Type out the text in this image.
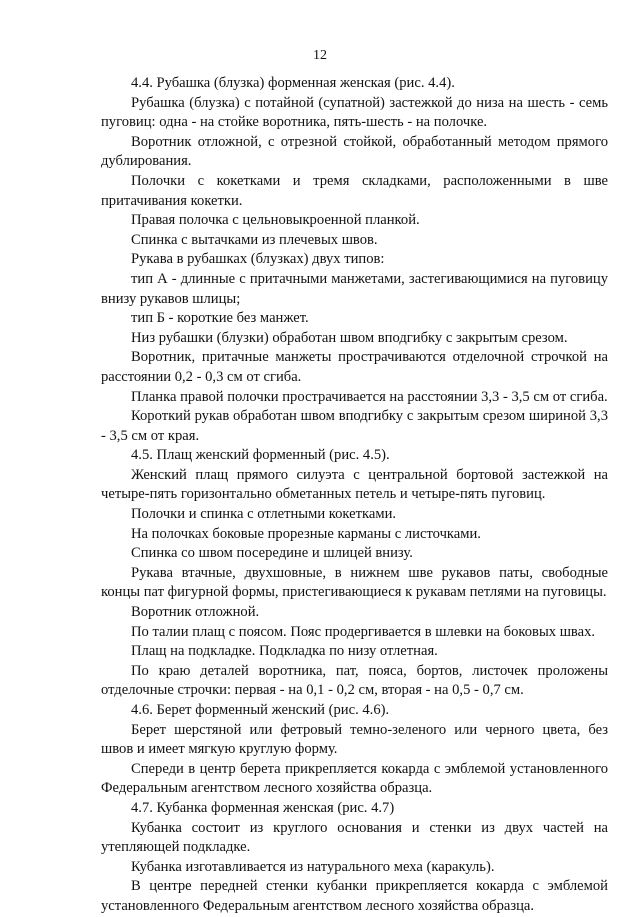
12

4.4. Рубашка (блузка) форменная женская (рис. 4.4).

Рубашка (блузка) с потайной (супатной) застежкой до низа на шесть - семь пуговиц: одна - на стойке воротника, пять-шесть - на полочке.

Воротник отложной, с отрезной стойкой, обработанный методом прямого дублирования.

Полочки с кокетками и тремя складками, расположенными в шве притачивания кокетки.

Правая полочка с цельновыкроенной планкой.

Спинка с вытачками из плечевых швов.

Рукава в рубашках (блузках) двух типов:

тип А - длинные с притачными манжетами, застегивающимися на пуговицу внизу рукавов шлицы;

тип Б - короткие без манжет.

Низ рубашки (блузки) обработан швом вподгибку с закрытым срезом.

Воротник, притачные манжеты прострачиваются отделочной строчкой на расстоянии 0,2 - 0,3 см от сгиба.

Планка правой полочки прострачивается на расстоянии 3,3 - 3,5 см от сгиба.

Короткий рукав обработан швом вподгибку с закрытым срезом шириной 3,3 - 3,5 см от края.

4.5. Плащ женский форменный (рис. 4.5).

Женский плащ прямого силуэта с центральной бортовой застежкой на четыре-пять горизонтально обметанных петель и четыре-пять пуговиц.

Полочки и спинка с отлетными кокетками.

На полочках боковые прорезные карманы с листочками.

Спинка со швом посередине и шлицей внизу.

Рукава втачные, двухшовные, в нижнем шве рукавов паты, свободные концы пат фигурной формы, пристегивающиеся к рукавам петлями на пуговицы.

Воротник отложной.

По талии плащ с поясом. Пояс продергивается в шлевки на боковых швах.

Плащ на подкладке. Подкладка по низу отлетная.

По краю деталей воротника, пат, пояса, бортов, листочек проложены отделочные строчки: первая - на 0,1 - 0,2 см, вторая - на 0,5 - 0,7 см.

4.6. Берет форменный женский (рис. 4.6).

Берет шерстяной или фетровый темно-зеленого или черного цвета, без швов и имеет мягкую круглую форму.

Спереди в центр берета прикрепляется кокарда с эмблемой установленного Федеральным агентством лесного хозяйства образца.

4.7. Кубанка форменная женская (рис. 4.7)

Кубанка состоит из круглого основания и стенки из двух частей на утепляющей подкладке.

Кубанка изготавливается из натурального меха (каракуль).

В центре передней стенки кубанки прикрепляется кокарда с эмблемой установленного Федеральным агентством лесного хозяйства образца.
